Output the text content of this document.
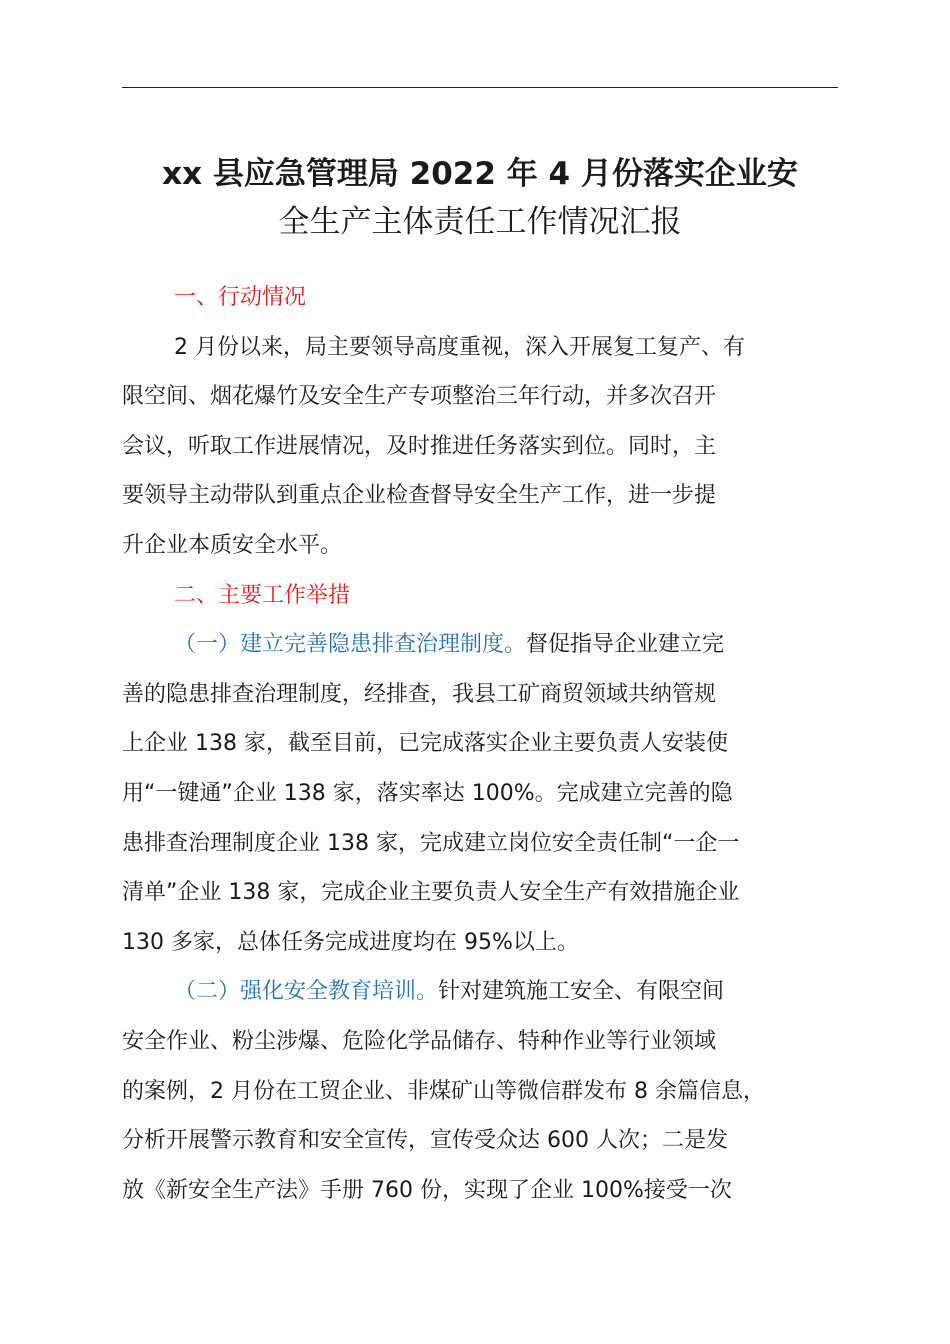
xx 县应急管理局 2022 年 4 月份落实企业安
全生产主体责任工作情况汇报
一、行动情况
2 月份以来，局主要领导高度重视，深入开展复工复产、有
限空间、烟花爆竹及安全生产专项整治三年行动，并多次召开
会议，听取工作进展情况，及时推进任务落实到位。同时，主
要领导主动带队到重点企业检查督导安全生产工作，进一步提
升企业本质安全水平。
二、主要工作举措
（一）建立完善隐患排查治理制度。督促指导企业建立完
善的隐患排查治理制度，经排查，我县工矿商贸领域共纳管规
上企业 138 家，截至目前，已完成落实企业主要负责人安装使
用“一键通”企业 138 家，落实率达 100%。完成建立完善的隐
患排查治理制度企业 138 家，完成建立岗位安全责任制“一企一
清单”企业 138 家，完成企业主要负责人安全生产有效措施企业
130 多家，总体任务完成进度均在 95%以上。
（二）强化安全教育培训。针对建筑施工安全、有限空间
安全作业、粉尘涉爆、危险化学品储存、特种作业等行业领域
的案例，2 月份在工贸企业、非煤矿山等微信群发布 8 余篇信息，
分析开展警示教育和安全宣传，宣传受众达 600 人次；二是发
放《新安全生产法》手册 760 份，实现了企业 100%接受一次
